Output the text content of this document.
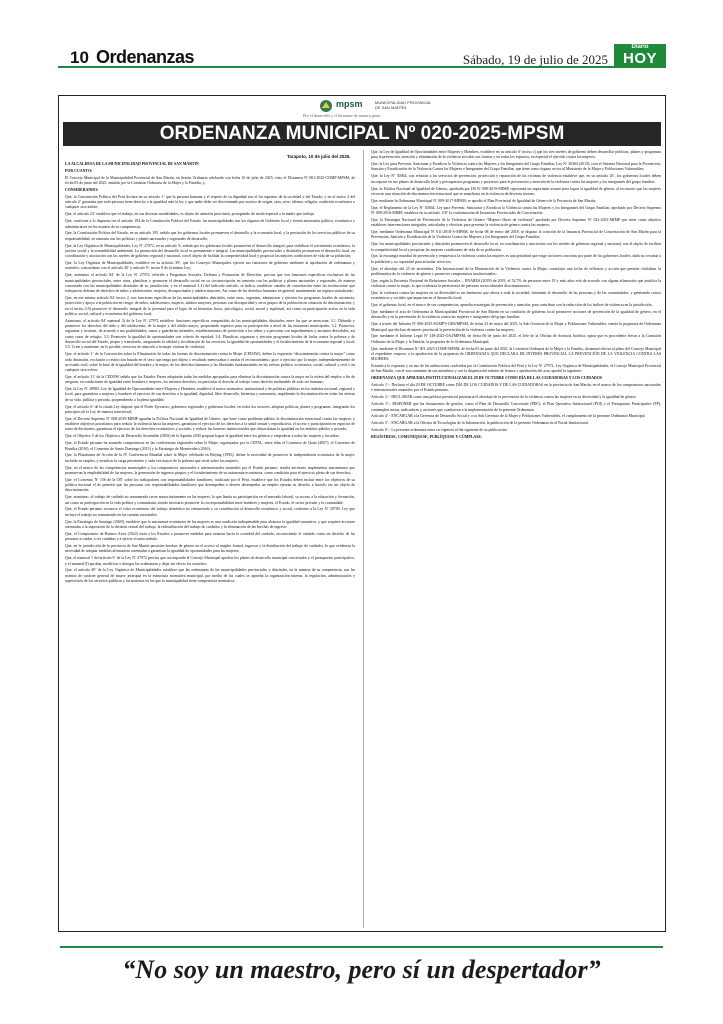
10 Ordenanzas	Sábado, 19 de julio de 2025
Diario
HOY
mpsm	MUNICIPALIDAD PROVINCIAL DE SAN MARTÍN
Por el desarrollo y el bienestar de nuestra gente
ORDENANZA MUNICIPAL Nº 020-2025-MPSM
Tarapoto, 10 de julio del 2025.

LA ALCALDESA DE LA MUNICIPALIDAD PROVINCIAL DE SAN MARTÍN

POR CUANTO:

El Concejo Municipal de la Municipalidad Provincial de San Martín, en Sesión Ordinaria celebrada con fecha 10 de julio de 2025; visto el Dictamen Nº 001-2025-COMF-MPSM, de fecha 03 de junio del 2025, emitido por la Comisión Ordinaria de la Mujer y la Familia; y,

CONSIDERANDO:

Que, la Constitución Política del Perú declara en su artículo 1º que la persona humana y el respeto de su dignidad son el fin supremo de la sociedad y del Estado; y en el inciso 2 del artículo 2º garantiza que toda persona tiene derecho a la igualdad ante la ley y que nadie debe ser discriminado por motivo de origen, raza, sexo, idioma, religión, condición económica o cualquier otra índole;

Que, el artículo 23º establece que el trabajo, en sus diversas modalidades, es objeto de atención prioritaria, protegiendo de modo especial a la madre que trabaja;

Que, conforme a lo dispuesto en el artículo 194 de la Constitución Política del Estado, las municipalidades son los órganos de Gobierno local y tienen autonomía política, económica y administrativa en los asuntos de su competencia;

Que, la Constitución Política del Estado, en su artículo 195, señala que los gobiernos locales promueven el desarrollo y la economía local, y la prestación de los servicios públicos de su responsabilidad, en armonía con las políticas y planes nacionales y regionales de desarrollo;

Que, la Ley Orgánica de Municipalidades, Ley Nº 27972, en su artículo X, señala que los gobiernos locales promueven el desarrollo integral, para viabilizar el crecimiento económico, la justicia social y la sostenibilidad ambiental. La promoción del desarrollo local es permanente e integral. Las municipalidades provinciales y distritales promueven el desarrollo local, en coordinación y asociación con los niveles de gobierno regional y nacional, con el objeto de facilitar la competitividad local y propiciar las mejores condiciones de vida de su población;

Que, la Ley Orgánica de Municipalidades, establece en su artículo 39º, que los Concejos Municipales ejercen sus funciones de gobierno mediante la aprobación de ordenanzas y acuerdos; concordante con el artículo 40º y artículo 9º, inciso 8 de la misma Ley;

Que, asimismo el artículo 84º de la Ley Nº 27972, referido a Programas Sociales, Defensa y Promoción de Derechos, precisa que son funciones específicas exclusivas de las municipalidades provinciales, entre otras, planificar y promover el desarrollo social en su circunscripción en armonía con las políticas y planes nacionales y regionales, de manera concertada con las municipalidades distritales de su jurisdicción; y en el numeral 1.2) del indicado artículo, se indica, establecer canales de concertación entre las instituciones que trabajan en defensa de derechos de niños y adolescentes, mujeres, discapacitados y adultos mayores. Así como de los derechos humanos en general, manteniendo un registro actualizado;

Que, en ese mismo artículo 84º inciso 2, son funciones específicas de las municipalidades distritales, entre otras, organizar, administrar y ejecutar los programas locales de asistencia, protección y apoyo a la población en riesgo, de niños, adolescentes, mujeres, adultos mayores, personas con discapacidad y otros grupos de la población en situación de discriminación; y en el inciso 2.9) promover el desarrollo integral de la juventud para el logro de su bienestar físico, psicológico, social, moral y espiritual, así como su participación activa en la vida política, social, cultural y económica del gobierno local;

Asimismo, el artículo 84º numeral 3) de la Ley Nº 27972 establece funciones específicas compartidas de las municipalidades distritales, entre las que se menciona: 3.1. Difundir y promover los derechos del niño y del adolescente, de la mujer y del adulto mayor, propiciando espacios para su participación a nivel de las instancias municipales; 3.2. Promover, organizar y sostener, de acuerdo a sus posibilidades, cunas y guarderías infantiles, establecimientos de protección a los niños y a personas con impedimentos y ancianos desvalidos, así como casas de refugio; 3.3. Promover la igualdad de oportunidades con criterio de equidad; 3.4. Planificar, organizar y ejecutar programas locales de lucha contra la pobreza y de desarrollo social del Estado, propio y transferido, asegurando la calidad y focalización de los servicios, la igualdad de oportunidades y el fortalecimiento de la economía regional y local; 3.5. Crear y mantener, en lo posible, servicios de atención a la mujer víctima de violencia;

Que, el artículo 1º de la Convención sobre la Eliminación de todas las formas de discriminación contra la Mujer (CEDAW), define la expresión “discriminación contra la mujer” como toda distinción, exclusión o restricción basada en el sexo que tenga por objeto o resultado menoscabar o anular el reconocimiento, goce o ejercicio por la mujer, independientemente de su estado civil, sobre la base de la igualdad del hombre y la mujer, de los derechos humanos y las libertades fundamentales en las esferas política, económica, social, cultural y civil o en cualquier otra esfera;

Que, el artículo 11º de la CEDAW señala que los Estados Partes adoptarán todas las medidas apropiadas para eliminar la discriminación contra la mujer en la esfera del empleo a fin de asegurar, en condiciones de igualdad entre hombres y mujeres, los mismos derechos, en particular el derecho al trabajo como derecho inalienable de todo ser humano;

Que, la Ley Nº 28983, Ley de Igualdad de Oportunidades entre Mujeres y Hombres, establece el marco normativo, institucional y de políticas públicas en los ámbitos nacional, regional y local, para garantizar a mujeres y hombres el ejercicio de sus derechos a la igualdad, dignidad, libre desarrollo, bienestar y autonomía, impidiendo la discriminación en todas las esferas de su vida, pública y privada, propendiendo a la plena igualdad;

Que, el artículo 6º de la citada Ley dispone que el Poder Ejecutivo, gobiernos regionales y gobiernos locales, en todos los sectores, adoptan políticas, planes y programas, integrando los principios de la Ley de manera transversal;

Que, el Decreto Supremo Nº 008-2019-MIMP aprueba la Política Nacional de Igualdad de Género, que tiene como problema público la discriminación estructural contra las mujeres, y establece objetivos prioritarios para reducir la violencia hacia las mujeres, garantizar el ejercicio de los derechos a la salud sexual y reproductiva, el acceso y participación en espacios de toma de decisiones, garantizar el ejercicio de los derechos económicos y sociales, y reducir las barreras institucionales que obstaculizan la igualdad en los ámbitos público y privado;

Que, el Objetivo 5 de los Objetivos de Desarrollo Sostenible (ODS) de la Agenda 2030 propone lograr la igualdad entre los géneros y empoderar a todas las mujeres y las niñas;

Que, el Estado peruano ha asumido compromisos en las conferencias regionales sobre la Mujer, organizadas por la CEPAL, entre ellas el Consenso de Quito (2007), el Consenso de Brasilia (2010), el Consenso de Santo Domingo (2013) y la Estrategia de Montevideo (2016);

Que, la Plataforma de Acción de la IV Conferencia Mundial sobre la Mujer celebrada en Beijing (1995), define la necesidad de promover la independencia económica de la mujer, incluido su empleo, y erradicar la carga persistente y cada vez mayor de la pobreza que recae sobre las mujeres;

Que, en el marco de las competencias municipales y los compromisos nacionales e internacionales asumidos por el Estado peruano, resulta necesario implementar mecanismos que promuevan la empleabilidad de las mujeres, la generación de ingresos propios y el fortalecimiento de su autonomía económica, como condición para el ejercicio pleno de sus derechos;

Que, el Convenio Nº 156 de la OIT sobre los trabajadores con responsabilidades familiares, ratificado por el Perú, establece que los Estados deben incluir entre los objetivos de su política nacional el de permitir que las personas con responsabilidades familiares que desempeñen o deseen desempeñar un empleo ejerzan su derecho a hacerlo sin ser objeto de discriminación;

Que, asimismo, el trabajo de cuidado no remunerado recae mayoritariamente en las mujeres, lo que limita su participación en el mercado laboral, su acceso a la educación y formación, así como su participación en la vida política y comunitaria, siendo necesario promover la corresponsabilidad entre hombres y mujeres, el Estado, el sector privado y la comunidad;

Que, el Estado peruano reconoce el valor económico del trabajo doméstico no remunerado y su contribución al desarrollo económico y social, conforme a la Ley Nº 29700, Ley que incluye el trabajo no remunerado en las cuentas nacionales;

Que, la Estrategia de Santiago (2020), establece que la autonomía económica de las mujeres es una condición indispensable para alcanzar la igualdad sustantiva, y que requiere acciones orientadas a la superación de la división sexual del trabajo, la redistribución del trabajo de cuidados y la eliminación de las brechas de ingreso;

Que, el Compromiso de Buenos Aires (2022) insta a los Estados a promover medidas para avanzar hacia la sociedad del cuidado, reconociendo el cuidado como un derecho de las personas a cuidar, a ser cuidadas y a ejercer el autocuidado;

Que, en la jurisdicción de la provincia de San Martín persisten brechas de género en el acceso al empleo formal, ingresos y la distribución del trabajo de cuidados, lo que evidencia la necesidad de adoptar medidas afirmativas orientadas a garantizar la igualdad de oportunidades para las mujeres;

Que, el numeral 1 del artículo 9º de la Ley Nº 27972 precisa que corresponde al Concejo Municipal aprobar los planes de desarrollo municipal concertados y el presupuesto participativo, y el numeral 8) aprobar, modificar o derogar las ordenanzas y dejar sin efecto los acuerdos;

Que, el artículo 40º de la Ley Orgánica de Municipalidades establece que las ordenanzas de las municipalidades provinciales y distritales, en la materia de su competencia, son las normas de carácter general de mayor jerarquía en la estructura normativa municipal, por medio de las cuales se aprueba la organización interna, la regulación, administración y supervisión de los servicios públicos y las materias en las que la municipalidad tiene competencia normativa;

Que, la Ley de Igualdad de Oportunidades entre Mujeres y Hombres, establece en su artículo 6º inciso c) que los tres niveles de gobierno deben desarrollar políticas, planes y programas para la prevención, atención y eliminación de la violencia en todas sus formas y en todos los espacios, en especial el ejercido contra las mujeres;

Que, la Ley para Prevenir, Sancionar y Erradicar la Violencia contra las Mujeres y los Integrantes del Grupo Familiar, Ley Nº 30364 (2015), crea el Sistema Nacional para la Prevención, Sanción y Erradicación de la Violencia Contra las Mujeres e Integrantes del Grupo Familiar, que tiene como órgano rector al Ministerio de la Mujer y Poblaciones Vulnerables;

Que, la Ley Nº 30364, con relación a los servicios de prevención, protección y reparación de las víctimas de violencia establece que, en su artículo 45º, los gobiernos locales deben incorporar en sus planes de desarrollo local y presupuestos programas y proyectos para la prevención y atención de la violencia contra las mujeres y los integrantes del grupo familiar;

Que, la Política Nacional de Igualdad de Género, aprobada por DS Nº 008-2019-MIMP, representa un importante avance para lograr la igualdad de género, al reconocer que las mujeres viven en una situación de discriminación estructural que se manifiesta en la violencia de diversas formas;

Que, mediante la Ordenanza Municipal Nº 009-2017-MPSM, se aprobó el Plan Provincial de Igualdad de Género de la Provincia de San Martín;

Que, el Reglamento de la Ley Nº 30364, Ley para Prevenir, Sancionar y Erradicar la Violencia contra las Mujeres y los Integrantes del Grupo Familiar, aprobado por Decreto Supremo Nº 009-2016-MIMP, establece en su artículo 110º la conformación de Instancias Provinciales de Concertación;

Que, la Estrategia Nacional de Prevención de la Violencia de Género “Mujeres libres de violencia” aprobada por Decreto Supremo Nº 022-2021-MIMP que tiene como objetivo establecer intervenciones integrales, articuladas y efectivas para prevenir la violencia de género contra las mujeres;

Que, mediante Ordenanza Municipal Nº 011-2018-A-MPSM, de fecha 08 de enero del 2018, se dispuso la creación de la Instancia Provincial de Concertación de San Martín para la Prevención, Sanción y Erradicación de la Violencia Contra las Mujeres y los Integrantes del Grupo Familiar;

Que, los municipalidades provinciales y distritales promueven el desarrollo local, en coordinación y asociación con los niveles de gobierno regional y nacional, con el objeto de facilitar la competitividad local y propiciar las mejores condiciones de vida de su población;

Que, la estrategia mundial de prevención y respuesta a la violencia contra las mujeres es una prioridad que exige acciones concretas por parte de los gobiernos locales, dada su cercanía a la población y su capacidad para articular servicios;

Que, el abordaje del 25 de noviembre, Día Internacional de la Eliminación de la Violencia contra la Mujer, constituye una fecha de reflexión y acción que permite visibilizar la problemática de la violencia de género y promover compromisos institucionales;

Que, según la Encuesta Nacional de Relaciones Sociales – ENARES (2019) de 2019, el 52.7% de personas entre 18 y más años está de acuerdo con alguna afirmación que justifica la violencia contra la mujer, lo que evidencia la persistencia de patrones socioculturales discriminatorios;

Que, la violencia contra las mujeres en su diversidad es un fenómeno que afecta a toda la sociedad, limitando el desarrollo de las personas y de las comunidades, y generando costos económicos y sociales que impactan en el desarrollo local;

Que, el gobierno local, en el marco de sus competencias, aprueba estrategias de prevención y atención, para contribuir con la reducción de los índices de violencia en la jurisdicción;

Que, mediante el acta de Ordenanza la Municipalidad Provincial de San Martín en su condición de gobierno local promueve acciones de prevención de la igualdad de género, en el desarrollo y en la prevención de la violencia contra las mujeres e integrantes del grupo familiar;

Que, a través del Informe Nº 006-2025-SGMPV-GDS/MPSM, de fecha 23 de mayo del 2025, la Sub Gerencia de la Mujer y Poblaciones Vulnerables, remite la propuesta de Ordenanza Municipal que declara de interés provincial la prevención de la violencia contra las mujeres;

Que, mediante el Informe Legal Nº 149-2025-OAJ/MPSM, de fecha 06 de junio del 2025, el Jefe de la Oficina de Asesoría Jurídica, opina que es procedente elevar a la Comisión Ordinaria de la Mujer y la Familia, la propuesta de la Ordenanza Municipal;

Que, mediante el Dictamen Nº 001-2025-COMF-MPSM, de fecha 03 de junio del 2025, la Comisión Ordinaria de la Mujer y la Familia, dictaminó elevar al pleno del Concejo Municipal el expediente respecto a la aprobación de la propuesta de ORDENANZA QUE DECLARA DE INTERÉS PROVINCIAL LA PREVENCIÓN DE LA VIOLENCIA CONTRA LAS MUJERES;

Estando a lo expuesto y en uso de las atribuciones conferidas por la Constitución Política del Perú y la Ley Nº 27972, Ley Orgánica de Municipalidades, el Concejo Municipal Provincial de San Martín, con el voto unánime de sus miembros y con la dispensa del trámite de lectura y aprobación del acta, aprobó la siguiente:

ORDENANZA QUE APRUEBA INSTITUCIONALIZAR EL 29 DE OCTUBRE COMO DÍA DE LAS CUIDADORAS Y LOS CUIDADOS

Artículo 1º.- Declarar el día 29 DE OCTUBRE como DÍA DE LOS CUIDADOS Y DE LAS CUIDADORAS en la provincia de San Martín, en el marco de los compromisos nacionales e internacionales asumidos por el Estado peruano.

Artículo 2º.- DECLARAR como una política provincial prioritaria el abordaje de la prevención de la violencia contra las mujeres en su diversidad y la igualdad de género.

Artículo 3º.- DISPONER que las documentos de gestión, como el Plan de Desarrollo Concertado (PDC), el Plan Operativo Institucional (POI) y el Presupuesto Participativo (PP), contemplen metas, indicadores y acciones que coadyuven a la implementación de la presente Ordenanza.

Artículo 4º.- ENCARGAR a la Gerencia de Desarrollo Social y a su Sub Gerencia de la Mujer y Poblaciones Vulnerables, el cumplimiento de la presente Ordenanza Municipal.

Artículo 5º.- ENCARGAR a la Oficina de Tecnologías de la Información, la publicación de la presente Ordenanza en el Portal Institucional.

Artículo 6º.- La presente ordenanza entra en vigencia al día siguiente de su publicación.

REGÍSTRESE, COMUNÍQUESE, PUBLÍQUESE Y CÚMPLASE.

“No soy un maestro, pero sí un despertador”
